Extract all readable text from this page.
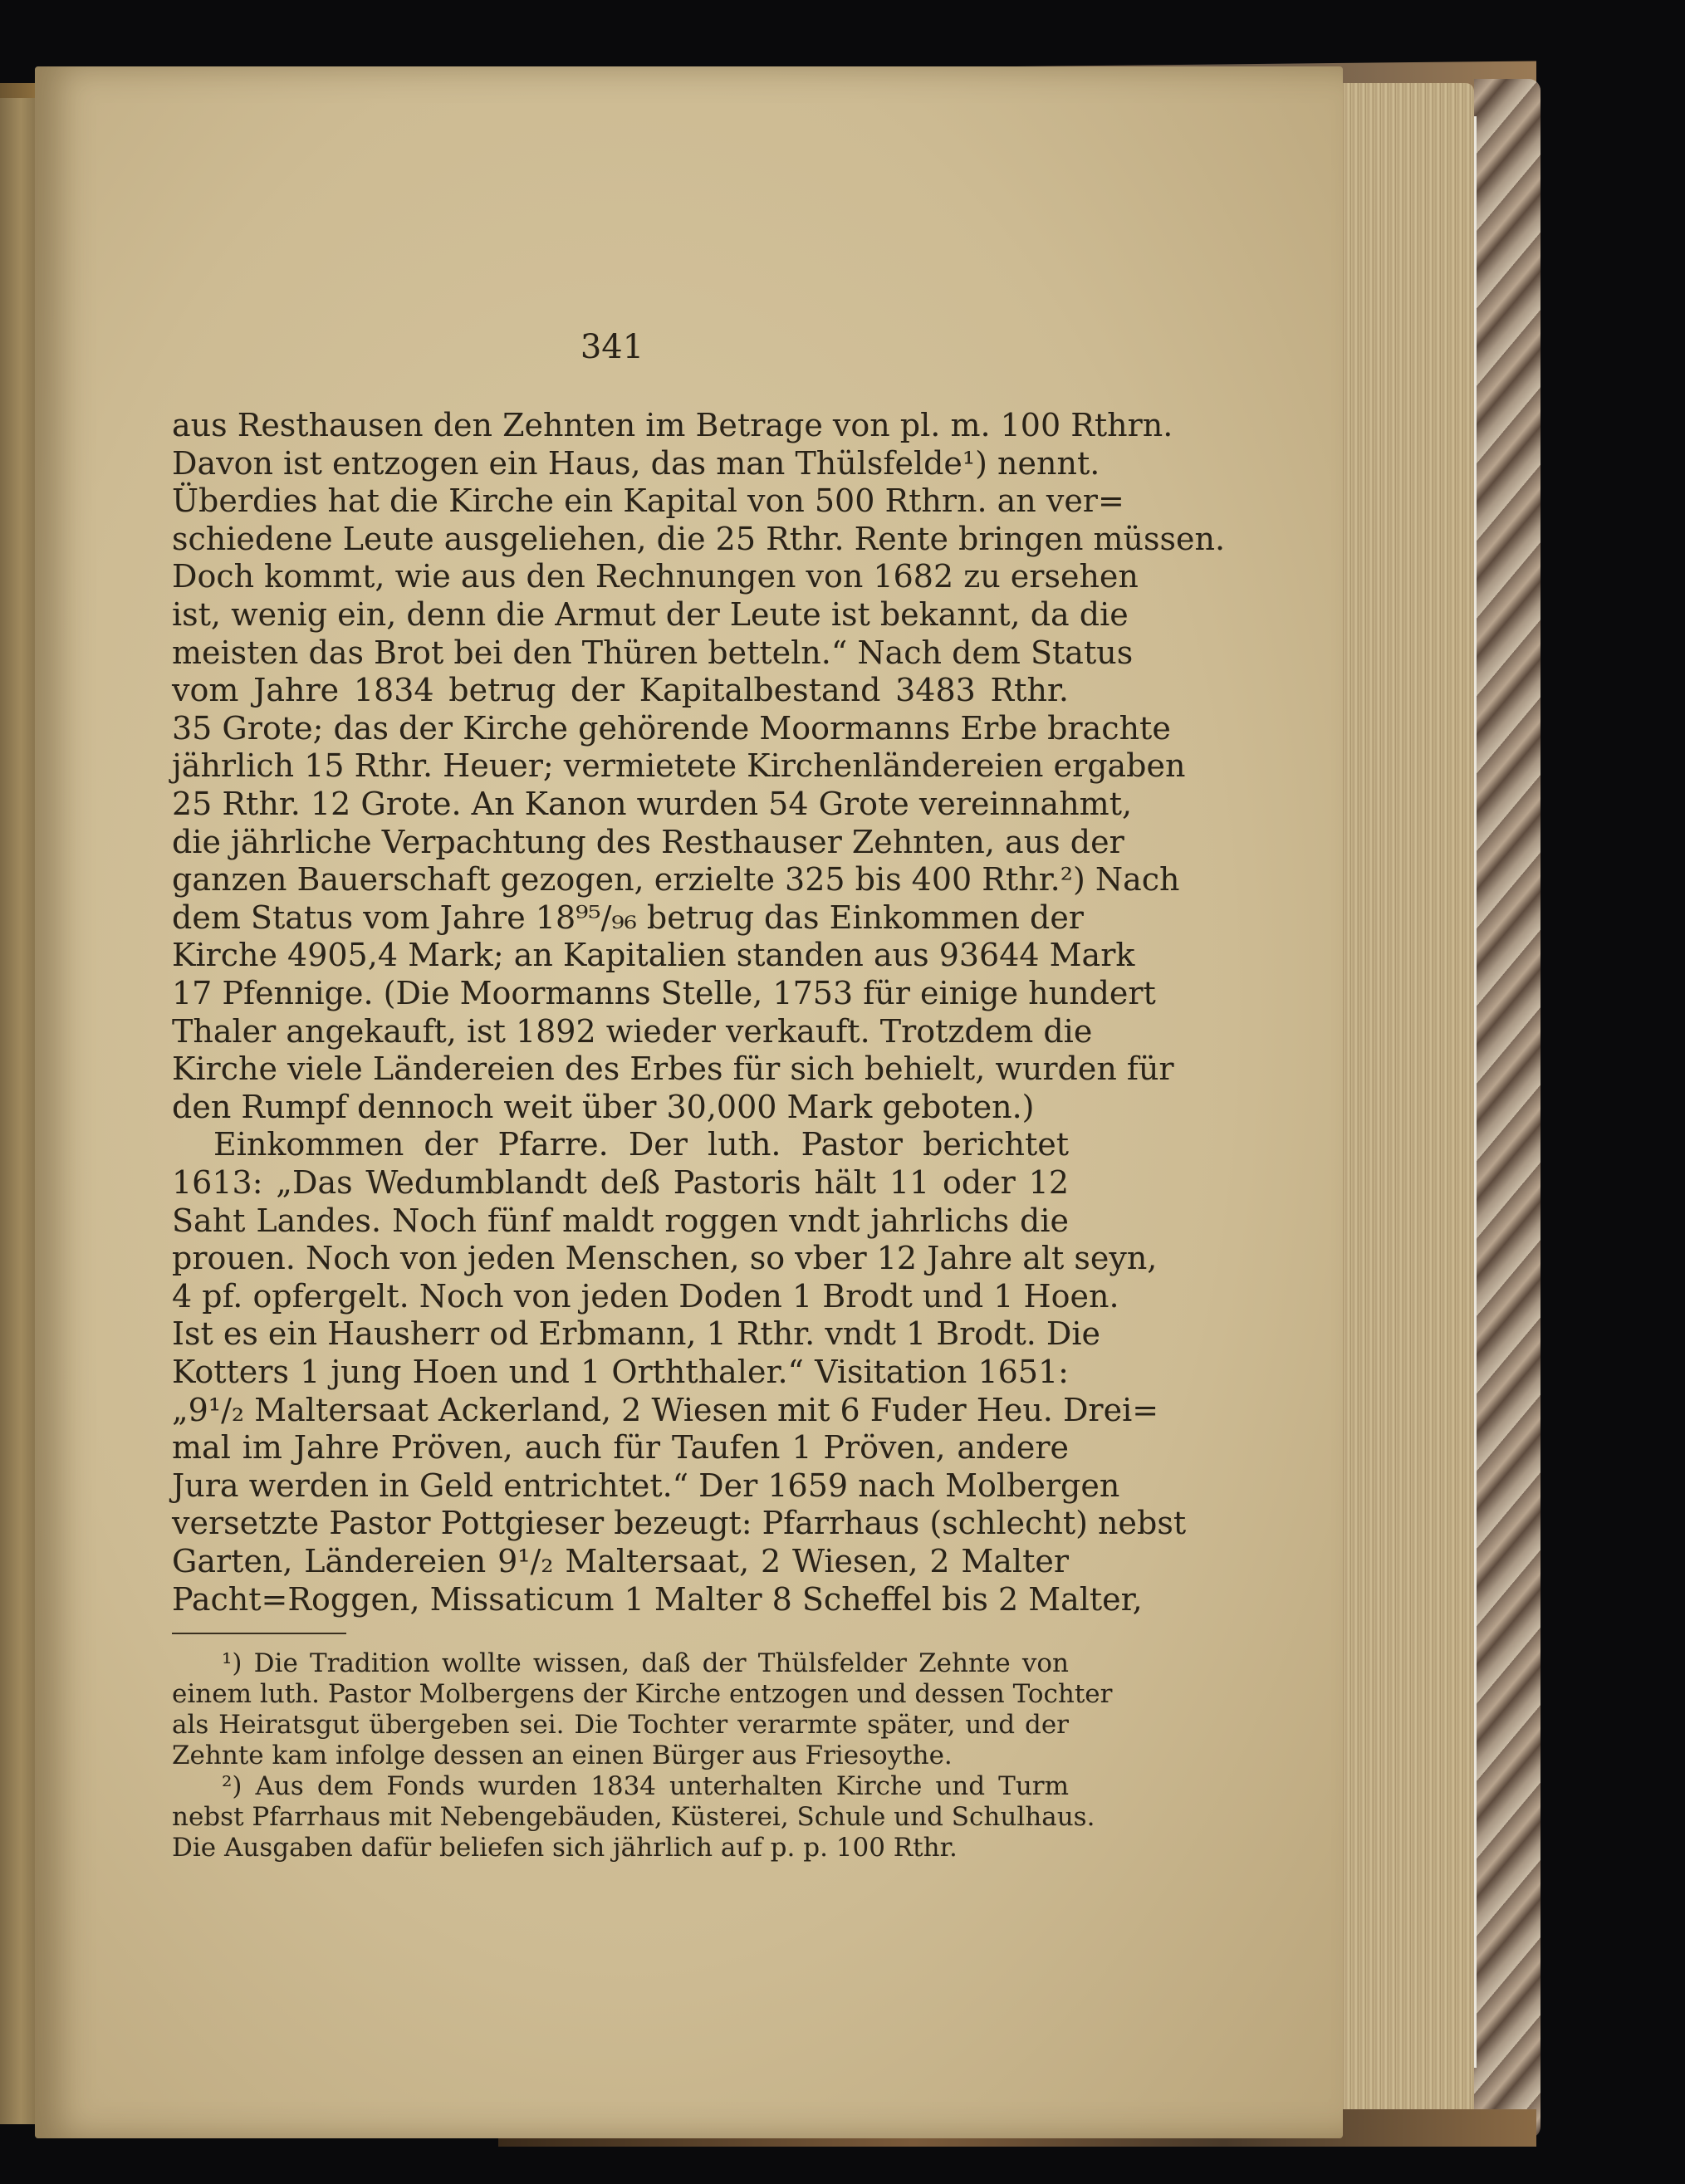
341
aus Resthausen den Zehnten im Betrage von pl. m. 100 Rthrn.
Davon ist entzogen ein Haus, das man Thülsfelde¹) nennt.
Überdies hat die Kirche ein Kapital von 500 Rthrn. an ver=
schiedene Leute ausgeliehen, die 25 Rthr. Rente bringen müssen.
Doch kommt, wie aus den Rechnungen von 1682 zu ersehen
ist, wenig ein, denn die Armut der Leute ist bekannt, da die
meisten das Brot bei den Thüren betteln.“ Nach dem Status
vom Jahre 1834 betrug der Kapitalbestand 3483 Rthr.
35 Grote; das der Kirche gehörende Moormanns Erbe brachte
jährlich 15 Rthr. Heuer; vermietete Kirchenländereien ergaben
25 Rthr. 12 Grote. An Kanon wurden 54 Grote vereinnahmt,
die jährliche Verpachtung des Resthauser Zehnten, aus der
ganzen Bauerschaft gezogen, erzielte 325 bis 400 Rthr.²) Nach
dem Status vom Jahre 18⁹⁵/₉₆ betrug das Einkommen der
Kirche 4905,4 Mark; an Kapitalien standen aus 93644 Mark
17 Pfennige. (Die Moormanns Stelle, 1753 für einige hundert
Thaler angekauft, ist 1892 wieder verkauft. Trotzdem die
Kirche viele Ländereien des Erbes für sich behielt, wurden für
den Rumpf dennoch weit über 30,000 Mark geboten.)
Einkommen der Pfarre. Der luth. Pastor berichtet
1613: „Das Wedumblandt deß Pastoris hält 11 oder 12
Saht Landes. Noch fünf maldt roggen vndt jahrlichs die
prouen. Noch von jeden Menschen, so vber 12 Jahre alt seyn,
4 pf. opfergelt. Noch von jeden Doden 1 Brodt und 1 Hoen.
Ist es ein Hausherr od Erbmann, 1 Rthr. vndt 1 Brodt. Die
Kotters 1 jung Hoen und 1 Orththaler.“ Visitation 1651:
„9¹/₂ Maltersaat Ackerland, 2 Wiesen mit 6 Fuder Heu. Drei=
mal im Jahre Pröven, auch für Taufen 1 Pröven, andere
Jura werden in Geld entrichtet.“ Der 1659 nach Molbergen
versetzte Pastor Pottgieser bezeugt: Pfarrhaus (schlecht) nebst
Garten, Ländereien 9¹/₂ Maltersaat, 2 Wiesen, 2 Malter
Pacht=Roggen, Missaticum 1 Malter 8 Scheffel bis 2 Malter,
¹) Die Tradition wollte wissen, daß der Thülsfelder Zehnte von
einem luth. Pastor Molbergens der Kirche entzogen und dessen Tochter
als Heiratsgut übergeben sei. Die Tochter verarmte später, und der
Zehnte kam infolge dessen an einen Bürger aus Friesoythe.
²) Aus dem Fonds wurden 1834 unterhalten Kirche und Turm
nebst Pfarrhaus mit Nebengebäuden, Küsterei, Schule und Schulhaus.
Die Ausgaben dafür beliefen sich jährlich auf p. p. 100 Rthr.
